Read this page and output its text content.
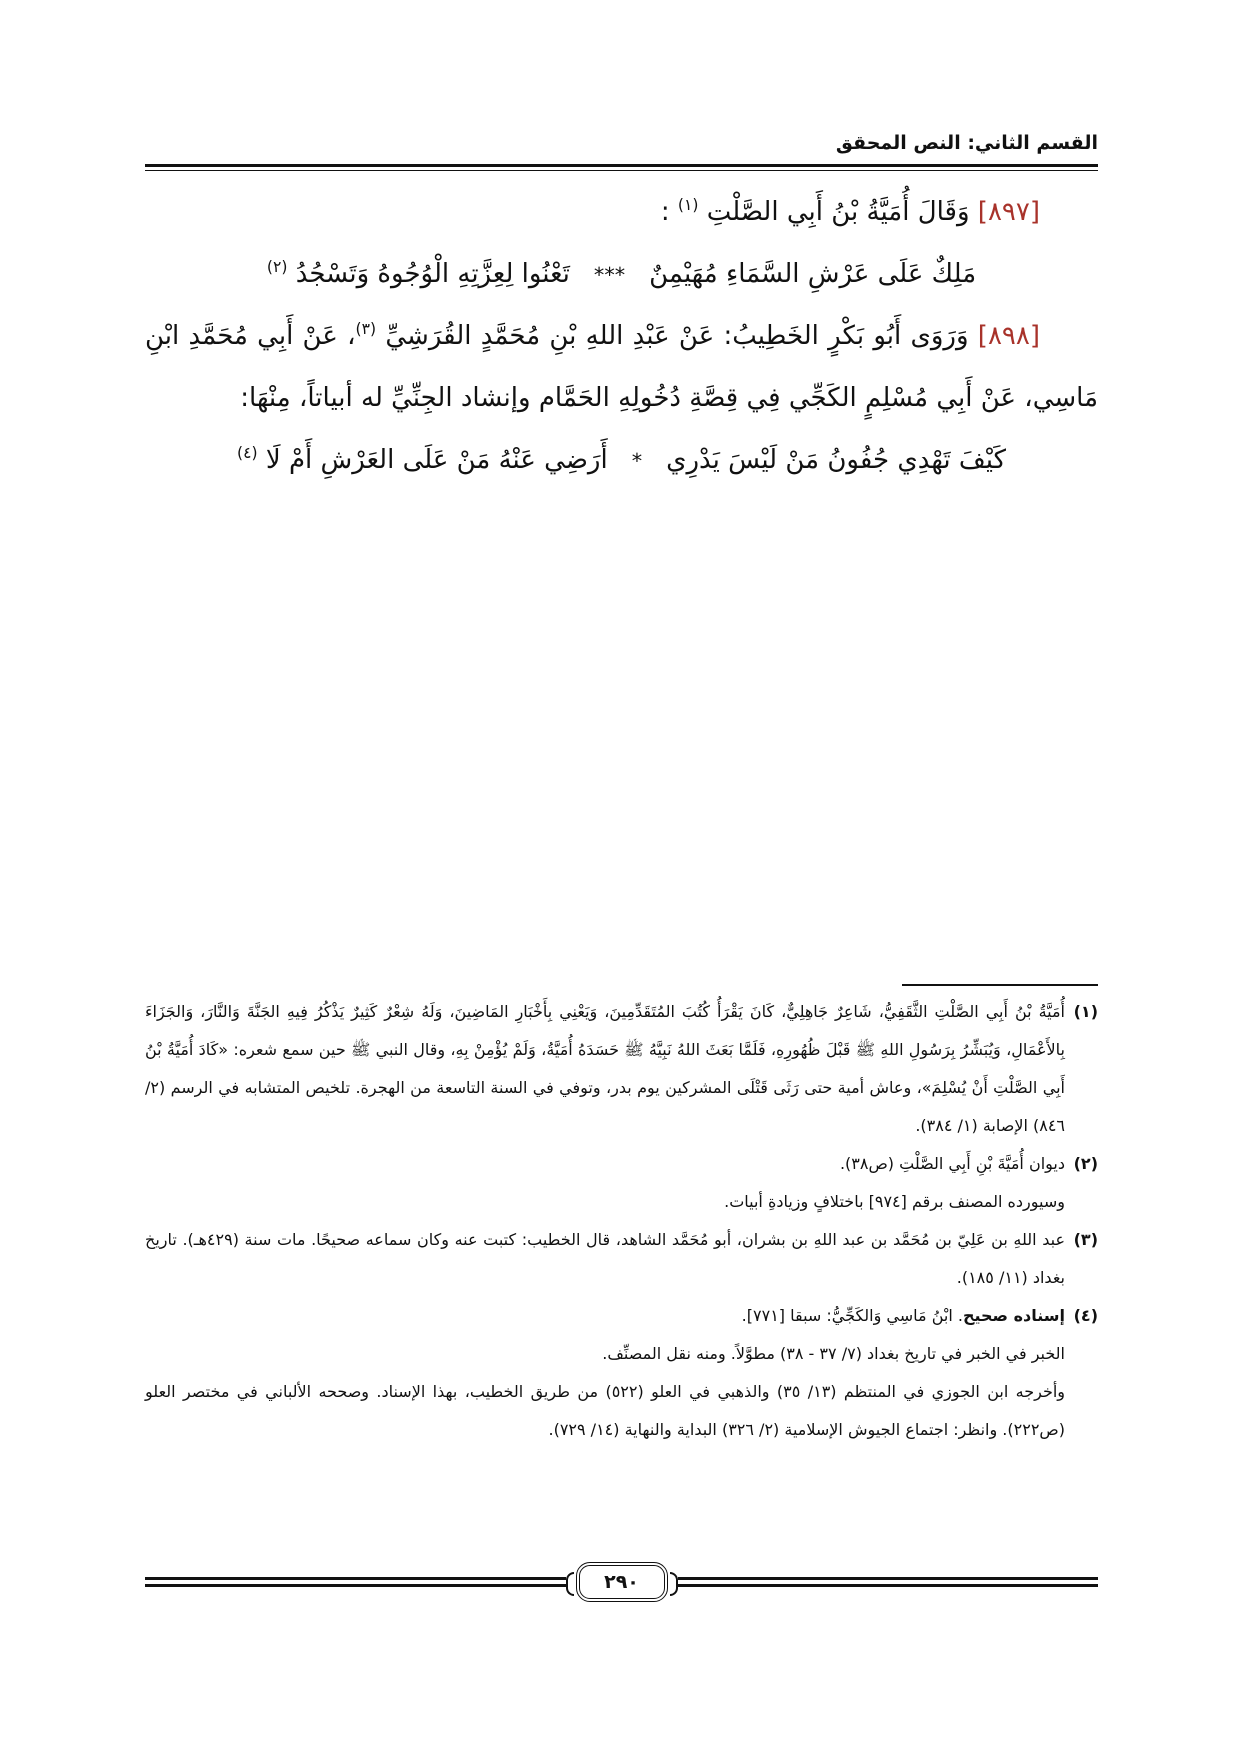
القسم الثاني: النص المحقق

[٨٩٧] وَقَالَ أُمَيَّةُ بْنُ أَبِي الصَّلْتِ $^{(١)}$ :

مَلِكٌ عَلَى عَرْشِ السَّمَاءِ مُهَيْمِنٌ
***
تَعْنُوا لِعِزَّتِهِ الْوُجُوهُ وَتَسْجُدُ $^{(٢)}$

[٨٩٨] وَرَوَى أَبُو بَكْرٍ الخَطِيبُ: عَنْ عَبْدِ اللهِ بْنِ مُحَمَّدٍ القُرَشِيِّ $^{(٣)}$، عَنْ أَبِي مُحَمَّدِ ابْنِ مَاسِي، عَنْ أَبِي مُسْلِمٍ الكَجِّي فِي قِصَّةِ دُخُولِهِ الحَمَّام وإنشاد الجِنِّيِّ له أبياتاً، مِنْهَا:

كَيْفَ تَهْدِي جُفُونُ مَنْ لَيْسَ يَدْرِي
*
أَرَضِي عَنْهُ مَنْ عَلَى العَرْشِ أَمْ لَا $^{(٤)}$

(١)أُمَيَّةُ بْنُ أَبِي الصَّلْتِ الثَّقَفِيُّ، شَاعِرٌ جَاهِلِيٌّ، كَانَ يَقْرَأُ كُتُبَ المُتَقَدِّمِينَ، وَيَعْنِي بِأَخْبَارِ المَاضِينَ، وَلَهُ شِعْرٌ كَثِيرٌ يَذْكُرُ فِيهِ الجَنَّةَ وَالنَّارَ، وَالجَزَاءَ بِالأَعْمَالِ، وَيُبَشِّرُ بِرَسُولِ اللهِ ﷺ قَبْلَ ظُهُورِهِ، فَلَمَّا بَعَثَ اللهُ نَبِيَّهُ ﷺ حَسَدَهُ أُمَيَّةُ، وَلَمْ يُؤْمِنْ بِهِ، وقال النبي ﷺ حين سمع شعره: «كَادَ أُمَيَّةُ بْنُ أَبِي الصَّلْتِ أَنْ يُسْلِمَ»، وعاش أمية حتى رَثَى قَتْلَى المشركين يوم بدر، وتوفي في السنة التاسعة من الهجرة. تلخيص المتشابه في الرسم (٢/ ٨٤٦) الإصابة (١/ ٣٨٤).

(٢)ديوان أُمَيَّةَ بْنِ أَبِي الصَّلْتِ (ص٣٨).

وسيورده المصنف برقم [٩٧٤] باختلافٍ وزيادةِ أبيات.

(٣)عبد اللهِ بن عَلِيّ بن مُحَمَّد بن عبد اللهِ بن بشران، أبو مُحَمَّد الشاهد، قال الخطيب: كتبت عنه وكان سماعه صحيحًا. مات سنة (٤٢٩هـ). تاريخ بغداد (١١/ ١٨٥).

(٤)إسناده صحيح. ابْنُ مَاسِي وَالكَجِّيُّ: سبقا [٧٧١].

الخبر في الخبر في تاريخ بغداد (٧/ ٣٧ - ٣٨) مطوَّلاً. ومنه نقل المصنِّف.

وأخرجه ابن الجوزي في المنتظم (١٣/ ٣٥) والذهبي في العلو (٥٢٢) من طريق الخطيب، بهذا الإسناد. وصححه الألباني في مختصر العلو (ص٢٢٢). وانظر: اجتماع الجيوش الإسلامية (٢/ ٣٢٦) البداية والنهاية (١٤/ ٧٢٩).

٢٩٠
